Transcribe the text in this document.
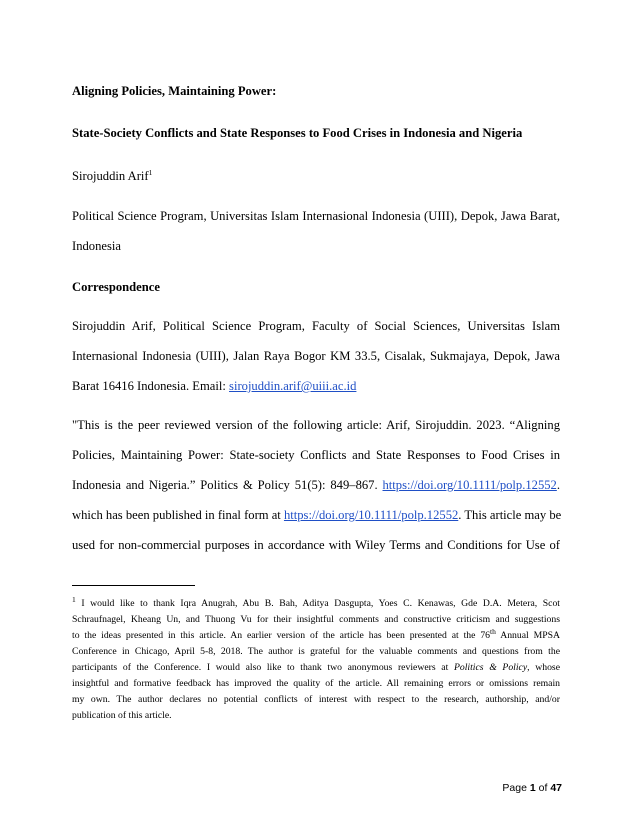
Aligning Policies, Maintaining Power:

State-Society Conflicts and State Responses to Food Crises in Indonesia and Nigeria

Sirojuddin Arif$^1$

Political Science Program, Universitas Islam Internasional Indonesia (UIII), Depok, Jawa Barat,
Indonesia

Correspondence

Sirojuddin Arif, Political Science Program, Faculty of Social Sciences, Universitas Islam
Internasional Indonesia (UIII), Jalan Raya Bogor KM 33.5, Cisalak, Sukmajaya, Depok, Jawa
Barat 16416 Indonesia. Email: sirojuddin.arif@uiii.ac.id
"This is the peer reviewed version of the following article: Arif, Sirojuddin. 2023. “Aligning
Policies, Maintaining Power: State-society Conflicts and State Responses to Food Crises in
Indonesia and Nigeria.” Politics & Policy 51(5): 849–867. https://doi.org/10.1111/polp.12552.
which has been published in final form at https://doi.org/10.1111/polp.12552. This article may be
used for non-commercial purposes in accordance with Wiley Terms and Conditions for Use of
$^1$ I would like to thank Iqra Anugrah, Abu B. Bah, Aditya Dasgupta, Yoes C. Kenawas, Gde D.A. Metera, Scot
Schraufnagel, Kheang Un, and Thuong Vu for their insightful comments and constructive criticism and suggestions
to the ideas presented in this article. An earlier version of the article has been presented at the 76th Annual MPSA
Conference in Chicago, April 5-8, 2018. The author is grateful for the valuable comments and questions from the
participants of the Conference. I would also like to thank two anonymous reviewers at Politics & Policy, whose
insightful and formative feedback has improved the quality of the article. All remaining errors or omissions remain
my own. The author declares no potential conflicts of interest with respect to the research, authorship, and/or
publication of this article.
Page 1 of 47
